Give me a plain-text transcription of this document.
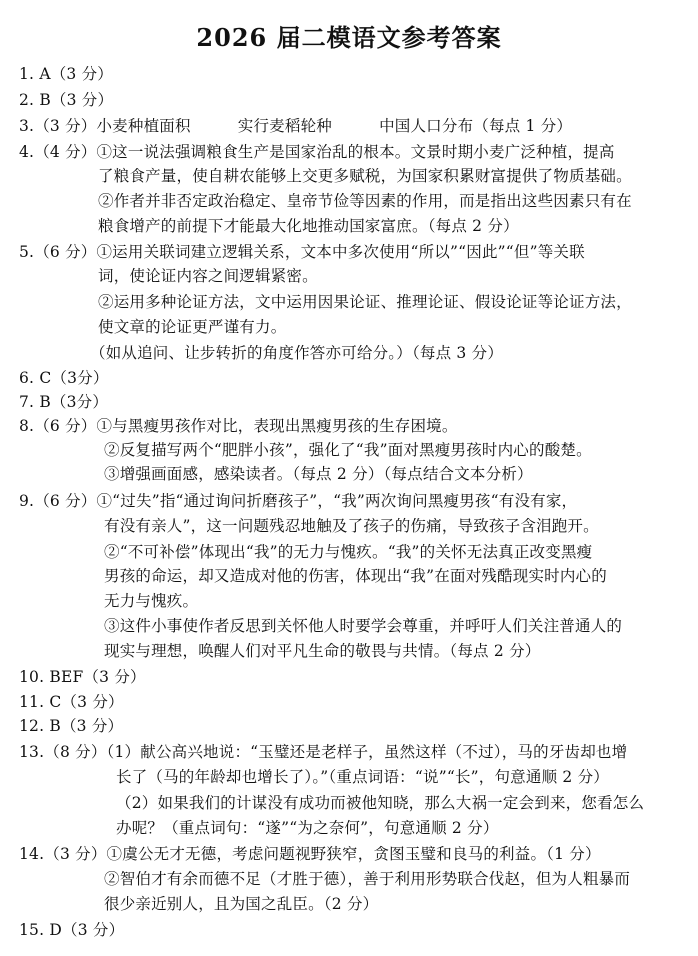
2026 届二模语文参考答案
1. A（3 分）
2. B（3 分）
3.（3 分）小麦种植面积　　　实行麦稻轮种　　　中国人口分布（每点 1 分）
4.（4 分）①这一说法强调粮食生产是国家治乱的根本。文景时期小麦广泛种植，提高
了粮食产量，使自耕农能够上交更多赋税，为国家积累财富提供了物质基础。
②作者并非否定政治稳定、皇帝节俭等因素的作用，而是指出这些因素只有在
粮食增产的前提下才能最大化地推动国家富庶。（每点 2 分）
5.（6 分）①运用关联词建立逻辑关系，文本中多次使用“所以”“因此”“但”等关联
词，使论证内容之间逻辑紧密。
②运用多种论证方法，文中运用因果论证、推理论证、假设论证等论证方法，
使文章的论证更严谨有力。
（如从追问、让步转折的角度作答亦可给分。）（每点 3 分）
6. C（3分）
7. B（3分）
8.（6 分）①与黑瘦男孩作对比，表现出黑瘦男孩的生存困境。
②反复描写两个“肥胖小孩”，强化了“我”面对黑瘦男孩时内心的酸楚。
③增强画面感，感染读者。（每点 2 分）（每点结合文本分析）
9.（6 分）①“过失”指“通过询问折磨孩子”，“我”两次询问黑瘦男孩“有没有家，
有没有亲人”，这一问题残忍地触及了孩子的伤痛，导致孩子含泪跑开。
②“不可补偿”体现出“我”的无力与愧疚。“我”的关怀无法真正改变黑瘦
男孩的命运，却又造成对他的伤害，体现出“我”在面对残酷现实时内心的
无力与愧疚。
③这件小事使作者反思到关怀他人时要学会尊重，并呼吁人们关注普通人的
现实与理想，唤醒人们对平凡生命的敬畏与共情。（每点 2 分）
10. BEF（3 分）
11. C（3 分）
12. B（3 分）
13.（8 分）（1）献公高兴地说：“玉璧还是老样子，虽然这样（不过），马的牙齿却也增
长了（马的年龄却也增长了）。”（重点词语：“说”“长”，句意通顺 2 分）
（2）如果我们的计谋没有成功而被他知晓，那么大祸一定会到来，您看怎么
办呢？（重点词句：“遂”“为之奈何”，句意通顺 2 分）
14.（3 分）①虞公无才无德，考虑问题视野狭窄，贪图玉璧和良马的利益。（1 分）
②智伯才有余而德不足（才胜于德），善于利用形势联合伐赵，但为人粗暴而
很少亲近别人，且为国之乱臣。（2 分）
15. D（3 分）
